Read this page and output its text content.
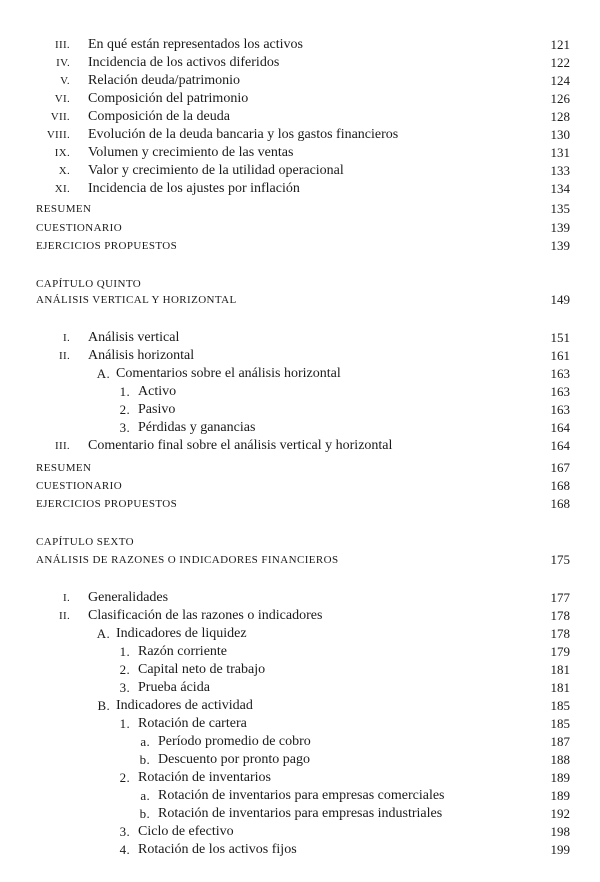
III. En qué están representados los activos	121
IV. Incidencia de los activos diferidos	122
V. Relación deuda/patrimonio	124
VI. Composición del patrimonio	126
VII. Composición de la deuda	128
VIII. Evolución de la deuda bancaria y los gastos financieros	130
IX. Volumen y crecimiento de las ventas	131
X. Valor y crecimiento de la utilidad operacional	133
XI. Incidencia de los ajustes por inflación	134
RESUMEN	135
CUESTIONARIO	139
EJERCICIOS PROPUESTOS	139
CAPÍTULO QUINTO
ANÁLISIS VERTICAL Y HORIZONTAL	149
I. Análisis vertical	151
II. Análisis horizontal	161
A. Comentarios sobre el análisis horizontal	163
1. Activo	163
2. Pasivo	163
3. Pérdidas y ganancias	164
III. Comentario final sobre el análisis vertical y horizontal	164
RESUMEN	167
CUESTIONARIO	168
EJERCICIOS PROPUESTOS	168
CAPÍTULO SEXTO
ANÁLISIS DE RAZONES O INDICADORES FINANCIEROS	175
I. Generalidades	177
II. Clasificación de las razones o indicadores	178
A. Indicadores de liquidez	178
1. Razón corriente	179
2. Capital neto de trabajo	181
3. Prueba ácida	181
B. Indicadores de actividad	185
1. Rotación de cartera	185
a. Período promedio de cobro	187
b. Descuento por pronto pago	188
2. Rotación de inventarios	189
a. Rotación de inventarios para empresas comerciales	189
b. Rotación de inventarios para empresas industriales	192
3. Ciclo de efectivo	198
4. Rotación de los activos fijos	199
